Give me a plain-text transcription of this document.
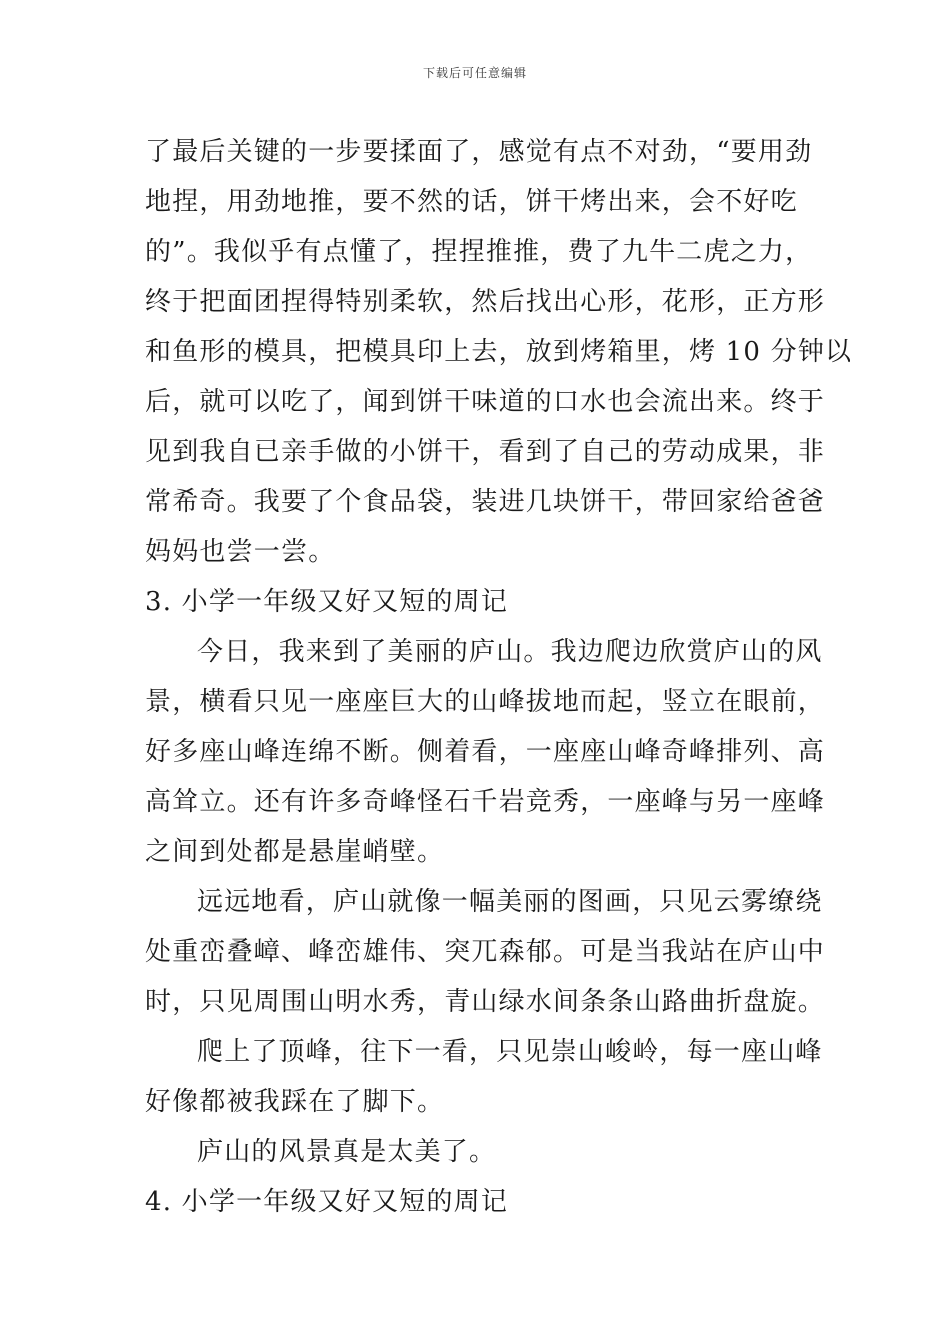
下载后可任意编辑
了最后关键的一步要揉面了，感觉有点不对劲，“要用劲
地捏，用劲地推，要不然的话，饼干烤出来，会不好吃
的”。我似乎有点懂了，捏捏推推，费了九牛二虎之力，
终于把面团捏得特别柔软，然后找出心形，花形，正方形
和鱼形的模具，把模具印上去，放到烤箱里，烤 10 分钟以
后，就可以吃了，闻到饼干味道的口水也会流出来。终于
见到我自已亲手做的小饼干，看到了自己的劳动成果，非
常希奇。我要了个食品袋，装进几块饼干，带回家给爸爸
妈妈也尝一尝。
3. 小学一年级又好又短的周记
今日，我来到了美丽的庐山。我边爬边欣赏庐山的风
景，横看只见一座座巨大的山峰拔地而起，竖立在眼前，
好多座山峰连绵不断。侧着看，一座座山峰奇峰排列、高
高耸立。还有许多奇峰怪石千岩竞秀，一座峰与另一座峰
之间到处都是悬崖峭壁。
远远地看，庐山就像一幅美丽的图画，只见云雾缭绕
处重峦叠嶂、峰峦雄伟、突兀森郁。可是当我站在庐山中
时，只见周围山明水秀，青山绿水间条条山路曲折盘旋。
爬上了顶峰，往下一看，只见崇山峻岭，每一座山峰
好像都被我踩在了脚下。
庐山的风景真是太美了。
4. 小学一年级又好又短的周记
